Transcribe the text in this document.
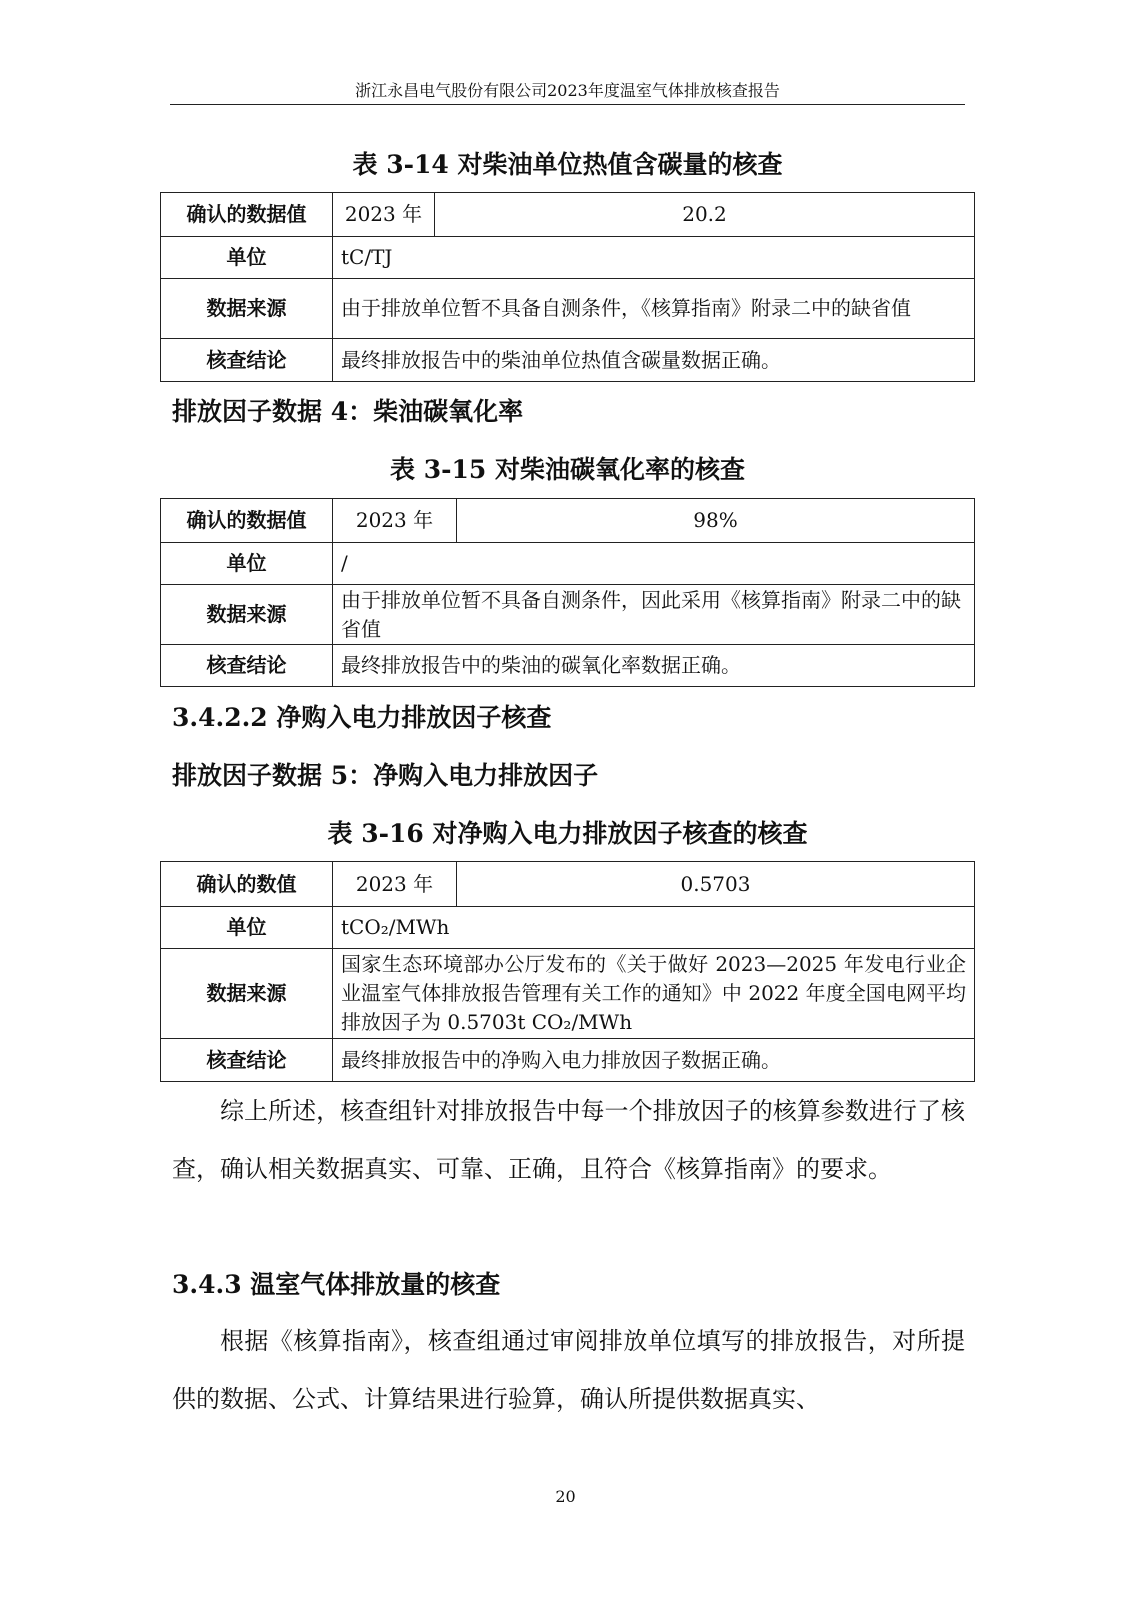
浙江永昌电气股份有限公司2023年度温室气体排放核查报告
表 3-14 对柴油单位热值含碳量的核查
确认的数据值	2023 年	20.2
单位	tC/TJ	
数据来源	由于排放单位暂不具备自测条件，《核算指南》附录二中的缺省值	
核查结论	最终排放报告中的柴油单位热值含碳量数据正确。	
排放因子数据 4：柴油碳氧化率
表 3-15 对柴油碳氧化率的核查
确认的数据值	2023 年	98%
单位	/	
数据来源	由于排放单位暂不具备自测条件，因此采用《核算指南》附录二中的缺省值	
核查结论	最终排放报告中的柴油的碳氧化率数据正确。	
3.4.2.2 净购入电力排放因子核查
排放因子数据 5：净购入电力排放因子
表 3-16 对净购入电力排放因子核查的核查
确认的数值	2023 年	0.5703
单位	tCO₂/MWh	
数据来源	国家生态环境部办公厅发布的《关于做好 2023—2025 年发电行业企业温室气体排放报告管理有关工作的通知》中 2022 年度全国电网平均排放因子为 0.5703t CO₂/MWh	
核查结论	最终排放报告中的净购入电力排放因子数据正确。	
综上所述，核查组针对排放报告中每一个排放因子的核算参数进行了核查，确认相关数据真实、可靠、正确，且符合《核算指南》的要求。
3.4.3 温室气体排放量的核查
根据《核算指南》，核查组通过审阅排放单位填写的排放报告，对所提供的数据、公式、计算结果进行验算，确认所提供数据真实、
20
